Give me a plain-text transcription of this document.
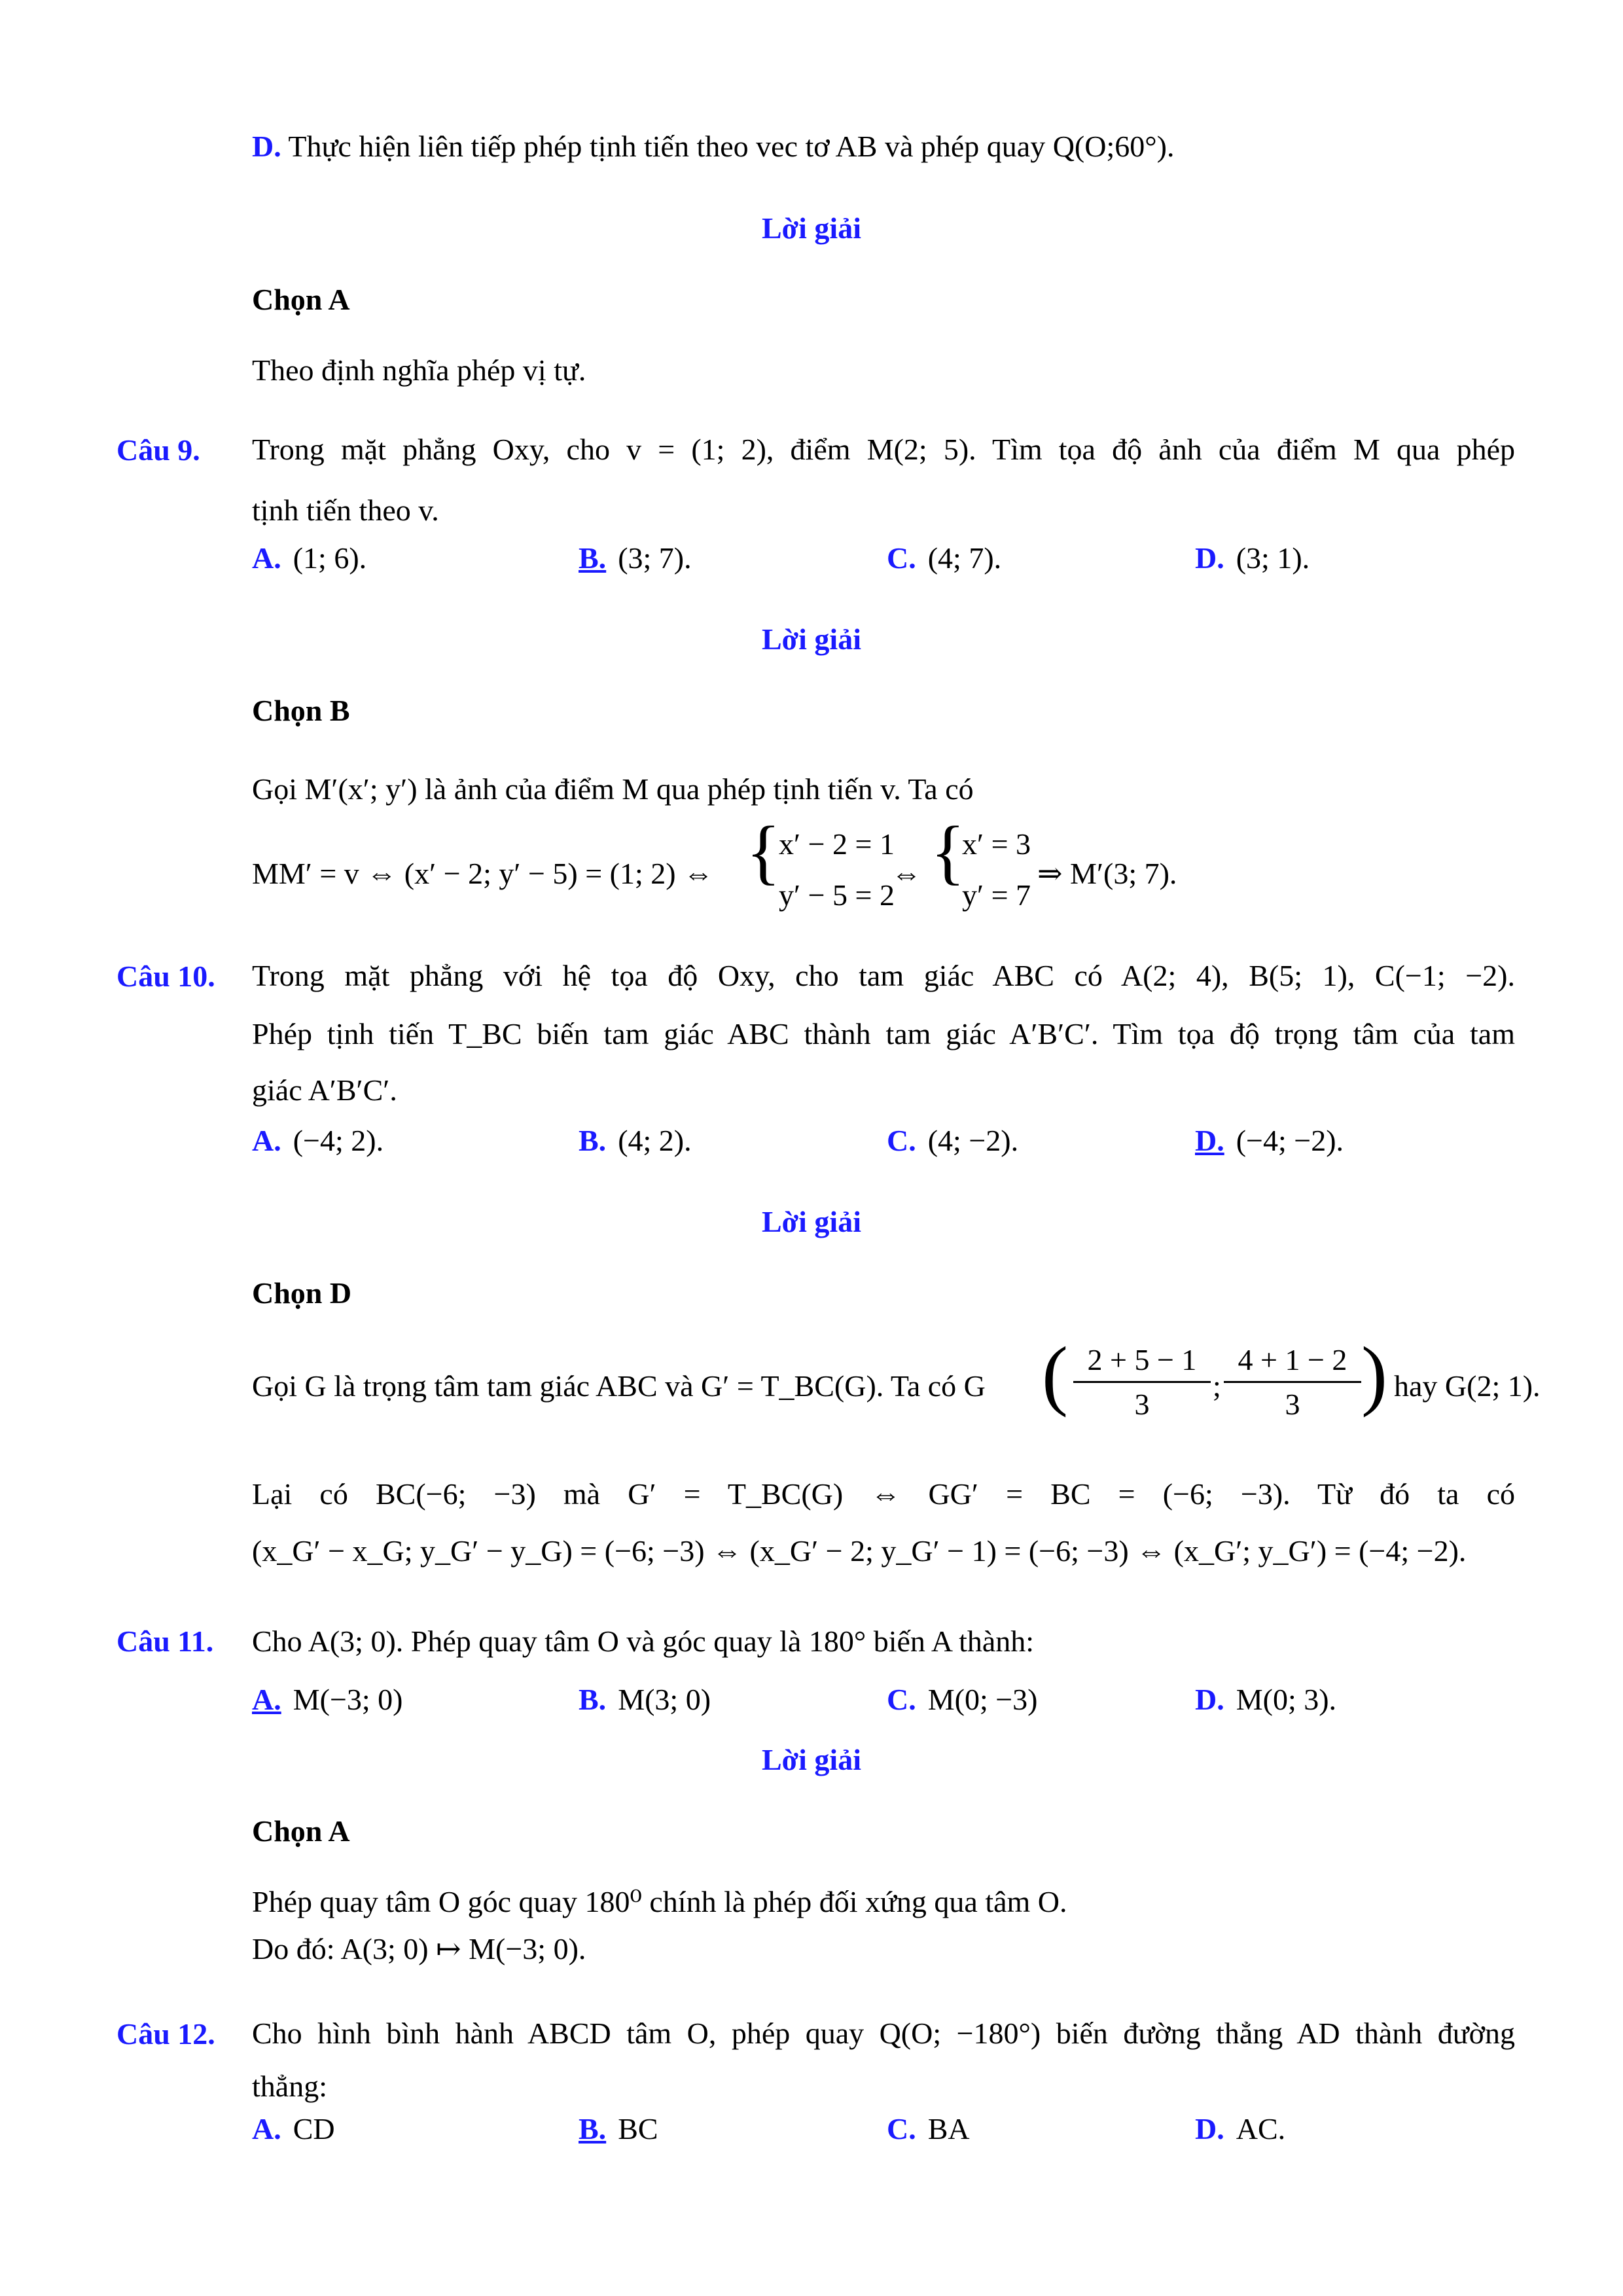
D. Thực hiện liên tiếp phép tịnh tiến theo vec tơ AB và phép quay Q(O;60°).
Lời giải
Chọn A
Theo định nghĩa phép vị tự.
Câu 9. Trong mặt phẳng Oxy, cho v = (1; 2), điểm M(2; 5). Tìm tọa độ ảnh của điểm M qua phép
tịnh tiến theo v.
A. (1; 6).	B. (3; 7).	C. (4; 7).	D. (3; 1).
Lời giải
Chọn B
Gọi M′(x′; y′) là ảnh của điểm M qua phép tịnh tiến v. Ta có
MM′ = v ⇔ (x′ − 2; y′ − 5) = (1; 2) ⇔ {
x′ − 2 = 1
y′ − 5 = 2
⇔ {
x′ = 3
y′ = 7
⇒ M′(3; 7).
Câu 10. Trong mặt phẳng với hệ tọa độ Oxy, cho tam giác ABC có A(2; 4), B(5; 1), C(−1; −2).
Phép tịnh tiến T_BC biến tam giác ABC thành tam giác A′B′C′. Tìm tọa độ trọng tâm của tam
giác A′B′C′.
A. (−4; 2).	B. (4; 2).	C. (4; −2).	D. (−4; −2).
Lời giải
Chọn D
Gọi G là trọng tâm tam giác ABC và G′ = T_BC(G). Ta có G ( 2 + 5 − 1
3
;
4 + 1 − 2
3 ) hay G(2; 1).
Lại có BC(−6; −3) mà G′ = T_BC(G) ⇔ GG′ = BC = (−6; −3). Từ đó ta có
(x_G′ − x_G; y_G′ − y_G) = (−6; −3) ⇔ (x_G′ − 2; y_G′ − 1) = (−6; −3) ⇔ (x_G′; y_G′) = (−4; −2).
Câu 11. Cho A(3; 0). Phép quay tâm O và góc quay là 180° biến A thành:
A. M(−3; 0)	B. M(3; 0)	C. M(0; −3)	D. M(0; 3).
Lời giải
Chọn A
Phép quay tâm O góc quay 180⁰ chính là phép đối xứng qua tâm O.
Do đó: A(3; 0) ↦ M(−3; 0).
Câu 12. Cho hình bình hành ABCD tâm O, phép quay Q(O; −180°) biến đường thẳng AD thành đường
thẳng:
A. CD	B. BC	C. BA	D. AC.
